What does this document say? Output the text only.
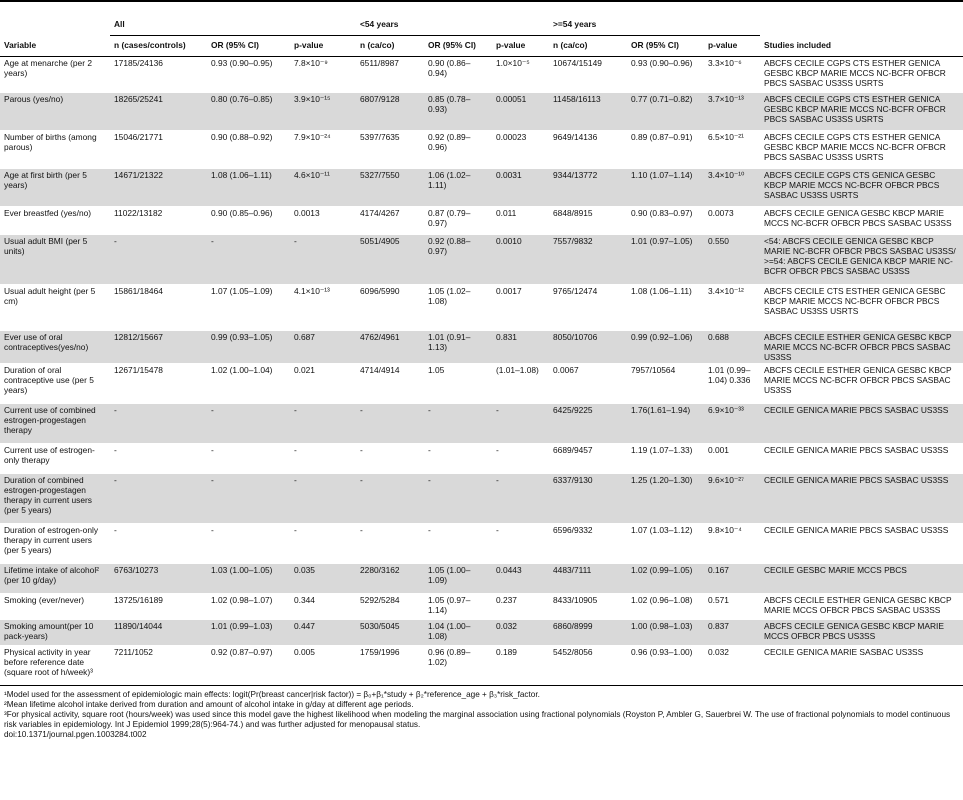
	All			<54 years			>=54 years			
Variable	n (cases/controls)	OR (95% CI)	p-value	n (ca/co)	OR (95% CI)	p-value	n (ca/co)	OR (95% CI)	p-value	Studies included
Age at menarche (per 2 years)	17185/24136	0.93 (0.90–0.95)	7.8×10⁻⁹	6511/8987	0.90 (0.86–0.94)	1.0×10⁻⁵	10674/15149	0.93 (0.90–0.96)	3.3×10⁻⁶	ABCFS CECILE CGPS CTS ESTHER GENICA GESBC KBCP MARIE MCCS NC-BCFR OFBCR PBCS SASBAC US3SS USRTS
Parous (yes/no)	18265/25241	0.80 (0.76–0.85)	3.9×10⁻¹⁵	6807/9128	0.85 (0.78–0.93)	0.00051	11458/16113	0.77 (0.71–0.82)	3.7×10⁻¹³	ABCFS CECILE CGPS CTS ESTHER GENICA GESBC KBCP MARIE MCCS NC-BCFR OFBCR PBCS SASBAC US3SS USRTS
Number of births (among parous)	15046/21771	0.90 (0.88–0.92)	7.9×10⁻²⁴	5397/7635	0.92 (0.89–0.96)	0.00023	9649/14136	0.89 (0.87–0.91)	6.5×10⁻²¹	ABCFS CECILE CGPS CTS ESTHER GENICA GESBC KBCP MARIE MCCS NC-BCFR OFBCR PBCS SASBAC US3SS USRTS
Age at first birth (per 5 years)	14671/21322	1.08 (1.06–1.11)	4.6×10⁻¹¹	5327/7550	1.06 (1.02–1.11)	0.0031	9344/13772	1.10 (1.07–1.14)	3.4×10⁻¹⁰	ABCFS CECILE CGPS CTS GENICA GESBC KBCP MARIE MCCS NC-BCFR OFBCR PBCS SASBAC US3SS USRTS
Ever breastfed (yes/no)	11022/13182	0.90 (0.85–0.96)	0.0013	4174/4267	0.87 (0.79–0.97)	0.011	6848/8915	0.90 (0.83–0.97)	0.0073	ABCFS CECILE GENICA GESBC KBCP MARIE MCCS NC-BCFR OFBCR PBCS SASBAC US3SS
Usual adult BMI (per 5 units)	-	-	-	5051/4905	0.92 (0.88–0.97)	0.0010	7557/9832	1.01 (0.97–1.05)	0.550	<54: ABCFS CECILE GENICA GESBC KBCP MARIE NC-BCFR OFBCR PBCS SASBAC US3SS/ >=54: ABCFS CECILE GENICA KBCP MARIE NC-BCFR OFBCR PBCS SASBAC US3SS
Usual adult height (per 5 cm)	15861/18464	1.07 (1.05–1.09)	4.1×10⁻¹³	6096/5990	1.05 (1.02–1.08)	0.0017	9765/12474	1.08 (1.06–1.11)	3.4×10⁻¹²	ABCFS CECILE CTS ESTHER GENICA GESBC KBCP MARIE MCCS NC-BCFR OFBCR PBCS SASBAC US3SS USRTS
Ever use of oral contraceptives(yes/no)	12812/15667	0.99 (0.93–1.05)	0.687	4762/4961	1.01 (0.91–1.13)	0.831	8050/10706	0.99 (0.92–1.06)	0.688	ABCFS CECILE ESTHER GENICA GESBC KBCP MARIE MCCS NC-BCFR OFBCR PBCS SASBAC US3SS
Duration of oral contraceptive use (per 5 years)	12671/15478	1.02 (1.00–1.04)	0.021	4714/4914	1.05	(1.01–1.08)	0.0067	7957/10564	1.01 (0.99–1.04) 0.336	ABCFS CECILE ESTHER GENICA GESBC KBCP MARIE MCCS NC-BCFR OFBCR PBCS SASBAC US3SS
Current use of combined estrogen-progestagen therapy	-	-	-	-	-	-	6425/9225	1.76(1.61–1.94)	6.9×10⁻³³	CECILE GENICA MARIE PBCS SASBAC US3SS
Current use of estrogen-only therapy	-	-	-	-	-	-	6689/9457	1.19 (1.07–1.33)	0.001	CECILE GENICA MARIE PBCS SASBAC US3SS
Duration of combined estrogen-progestagen therapy in current users (per 5 years)	-	-	-	-	-	-	6337/9130	1.25 (1.20–1.30)	9.6×10⁻²⁷	CECILE GENICA MARIE PBCS SASBAC US3SS
Duration of estrogen-only therapy in current users (per 5 years)	-	-	-	-	-	-	6596/9332	1.07 (1.03–1.12)	9.8×10⁻⁴	CECILE GENICA MARIE PBCS SASBAC US3SS
Lifetime intake of alcohol² (per 10 g/day)	6763/10273	1.03 (1.00–1.05)	0.035	2280/3162	1.05 (1.00–1.09)	0.0443	4483/7111	1.02 (0.99–1.05)	0.167	CECILE GESBC MARIE MCCS PBCS
Smoking (ever/never)	13725/16189	1.02 (0.98–1.07)	0.344	5292/5284	1.05 (0.97–1.14)	0.237	8433/10905	1.02 (0.96–1.08)	0.571	ABCFS CECILE ESTHER GENICA GESBC KBCP MARIE MCCS OFBCR PBCS SASBAC US3SS
Smoking amount(per 10 pack-years)	11890/14044	1.01 (0.99–1.03)	0.447	5030/5045	1.04 (1.00–1.08)	0.032	6860/8999	1.00 (0.98–1.03)	0.837	ABCFS CECILE GENICA GESBC KBCP MARIE MCCS OFBCR PBCS US3SS
Physical activity in year before reference date (square root of h/week)³	7211/1052	0.92 (0.87–0.97)	0.005	1759/1996	0.96 (0.89–1.02)	0.189	5452/8056	0.96 (0.93–1.00)	0.032	CECILE GENICA MARIE SASBAC US3SS
¹Model used for the assessment of epidemiologic main effects: logit(Pr(breast cancer|risk factor)) = β₀+β₁*study + β₂*reference_age + β₃*risk_factor.
²Mean lifetime alcohol intake derived from duration and amount of alcohol intake in g/day at different age periods.
³For physical activity, square root (hours/week) was used since this model gave the highest likelihood when modeling the marginal association using fractional polynomials (Royston P, Ambler G, Sauerbrei W. The use of fractional polynomials to model continuous risk variables in epidemiology. Int J Epidemiol 1999;28(5):964-74.) and was further adjusted for menopausal status.
doi:10.1371/journal.pgen.1003284.t002
